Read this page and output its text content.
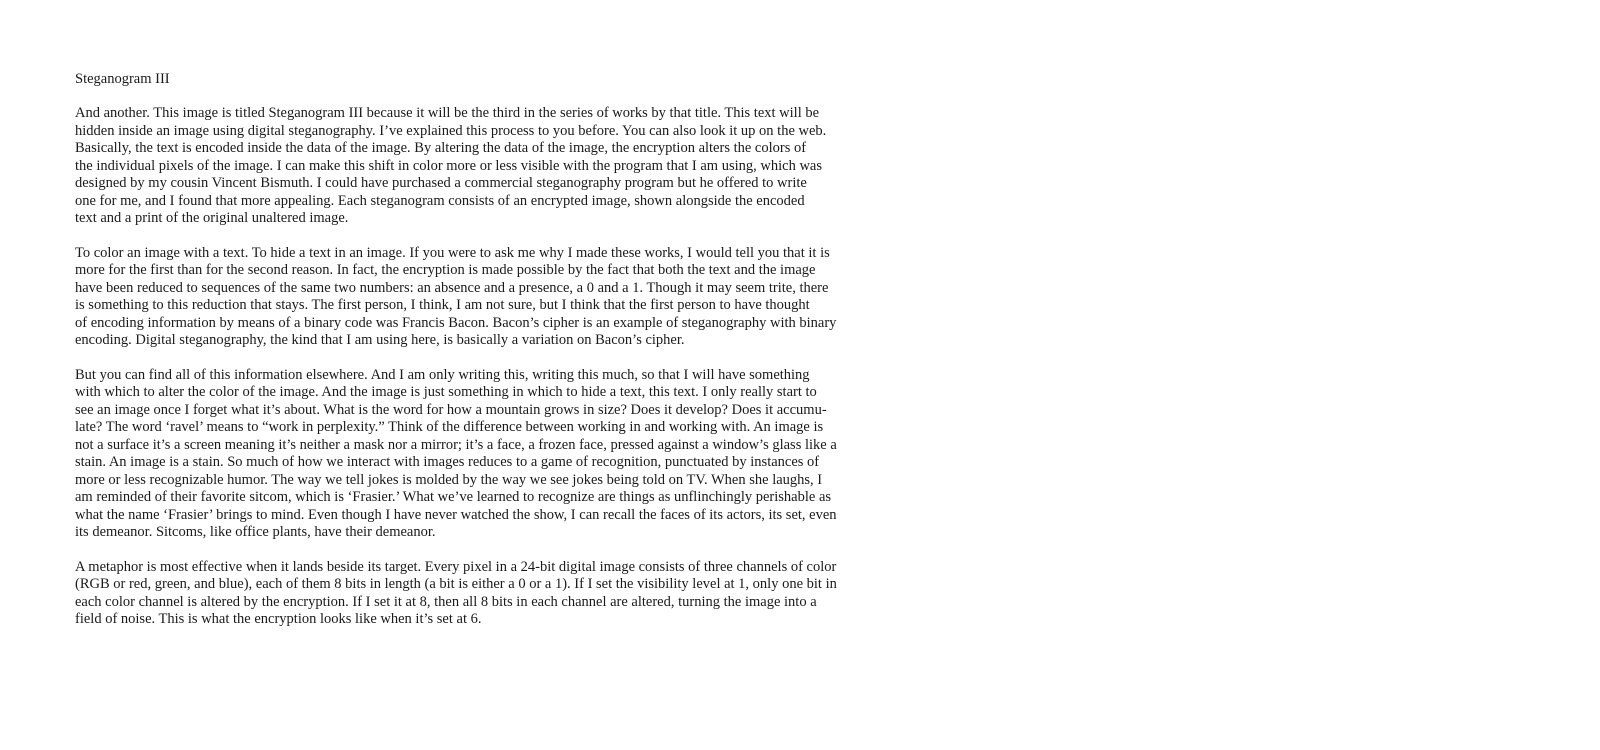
Steganogram III
And another. This image is titled Steganogram III because it will be the third in the series of works by that title. This text will be
hidden inside an image using digital steganography. I’ve explained this process to you before. You can also look it up on the web.
Basically, the text is encoded inside the data of the image. By altering the data of the image, the encryption alters the colors of
the individual pixels of the image. I can make this shift in color more or less visible with the program that I am using, which was
designed by my cousin Vincent Bismuth. I could have purchased a commercial steganography program but he offered to write
one for me, and I found that more appealing. Each steganogram consists of an encrypted image, shown alongside the encoded
text and a print of the original unaltered image.
To color an image with a text. To hide a text in an image. If you were to ask me why I made these works, I would tell you that it is
more for the first than for the second reason. In fact, the encryption is made possible by the fact that both the text and the image
have been reduced to sequences of the same two numbers: an absence and a presence, a 0 and a 1. Though it may seem trite, there
is something to this reduction that stays. The first person, I think, I am not sure, but I think that the first person to have thought
of encoding information by means of a binary code was Francis Bacon. Bacon’s cipher is an example of steganography with binary
encoding. Digital steganography, the kind that I am using here, is basically a variation on Bacon’s cipher.
But you can find all of this information elsewhere. And I am only writing this, writing this much, so that I will have something
with which to alter the color of the image. And the image is just something in which to hide a text, this text. I only really start to
see an image once I forget what it’s about. What is the word for how a mountain grows in size? Does it develop? Does it accumu-
late? The word ‘ravel’ means to “work in perplexity.” Think of the difference between working in and working with. An image is
not a surface it’s a screen meaning it’s neither a mask nor a mirror; it’s a face, a frozen face, pressed against a window’s glass like a
stain. An image is a stain. So much of how we interact with images reduces to a game of recognition, punctuated by instances of
more or less recognizable humor. The way we tell jokes is molded by the way we see jokes being told on TV. When she laughs, I
am reminded of their favorite sitcom, which is ‘Frasier.’ What we’ve learned to recognize are things as unflinchingly perishable as
what the name ‘Frasier’ brings to mind. Even though I have never watched the show, I can recall the faces of its actors, its set, even
its demeanor. Sitcoms, like office plants, have their demeanor.
A metaphor is most effective when it lands beside its target. Every pixel in a 24-bit digital image consists of three channels of color
(RGB or red, green, and blue), each of them 8 bits in length (a bit is either a 0 or a 1). If I set the visibility level at 1, only one bit in
each color channel is altered by the encryption. If I set it at 8, then all 8 bits in each channel are altered, turning the image into a
field of noise. This is what the encryption looks like when it’s set at 6.
